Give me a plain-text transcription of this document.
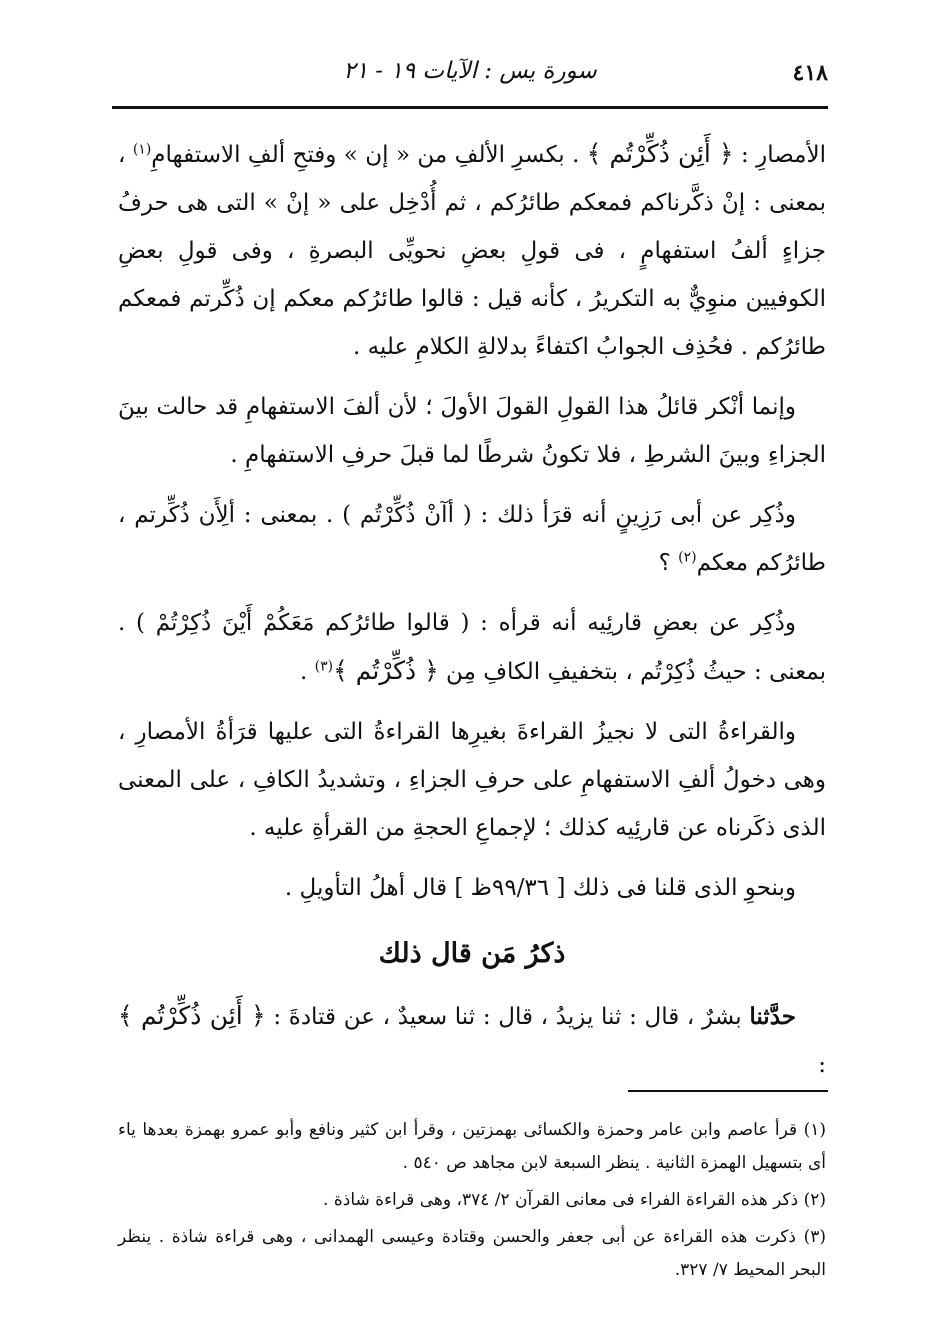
٤١٨
سورة يس : الآيات ١٩ - ٢١

الأمصارِ : ﴿ أَئِن ذُكِّرْتُم ﴾ . بكسرِ الألفِ من « إن » وفتحِ ألفِ الاستفهامِ$^{(١)}$ ، بمعنى : إنْ ذكَّرناكم فمعكم طائرُكم ، ثم أُدْخِل على « إنْ » التى هى حرفُ جزاءٍ ألفُ استفهامٍ ، فى قولِ بعضِ نحويِّى البصرةِ ، وفى قولِ بعضِ الكوفيين منوِيٌّ به التكريرُ ، كأنه قيل : قالوا طائرُكم معكم إن ذُكِّرتم فمعكم طائرُكم . فحُذِف الجوابُ اكتفاءً بدلالةِ الكلامِ عليه .

وإنما أنْكر قائلُ هذا القولِ القولَ الأولَ ؛ لأن ألفَ الاستفهامِ قد حالت بينَ الجزاءِ وبينَ الشرطِ ، فلا تكونُ شرطًا لما قبلَ حرفِ الاستفهامِ .

وذُكِر عن أبى رَزِينٍ أنه قرَأ ذلك : ( أآنْ ذُكِّرْتُم ) . بمعنى : ألِأَن ذُكِّرتم ، طائرُكم معكم$^{(٢)}$ ؟

وذُكِر عن بعضِ قارئِيه أنه قرأه : ( قالوا طائرُكم مَعَكُمْ أَيْنَ ذُكِرْتُمْ ) . بمعنى : حيثُ ذُكِرْتُم ، بتخفيفِ الكافِ مِن ﴿ ذُكِّرْتُم ﴾$^{(٣)}$ .

والقراءةُ التى لا نجيزُ القراءةَ بغيرِها القراءةُ التى عليها قرَأةُ الأمصارِ ، وهى دخولُ ألفِ الاستفهامِ على حرفِ الجزاءِ ، وتشديدُ الكافِ ، على المعنى الذى ذكَرناه عن قارئِيه كذلك ؛ لإجماعِ الحجةِ من القرأةِ عليه .

وبنحوِ الذى قلنا فى ذلك [ ٩٩/٣٦ظ ] قال أهلُ التأويلِ .

ذكرُ مَن قال ذلك

حدَّثنا بشرٌ ، قال : ثنا يزيدُ ، قال : ثنا سعيدٌ ، عن قتادةَ : ﴿ أَئِن ذُكِّرْتُم ﴾ :

(١) قرأ عاصم وابن عامر وحمزة والكسائى بهمزتين ، وقرأ ابن كثير ونافع وأبو عمرو بهمزة بعدها ياء أى بتسهيل الهمزة الثانية . ينظر السبعة لابن مجاهد ص ٥٤٠ .

(٢) ذكر هذه القراءة الفراء فى معانى القرآن ٢/ ٣٧٤، وهى قراءة شاذة .

(٣) ذكرت هذه القراءة عن أبى جعفر والحسن وقتادة وعيسى الهمدانى ، وهى قراءة شاذة . ينظر البحر المحيط ٧/ ٣٢٧.
